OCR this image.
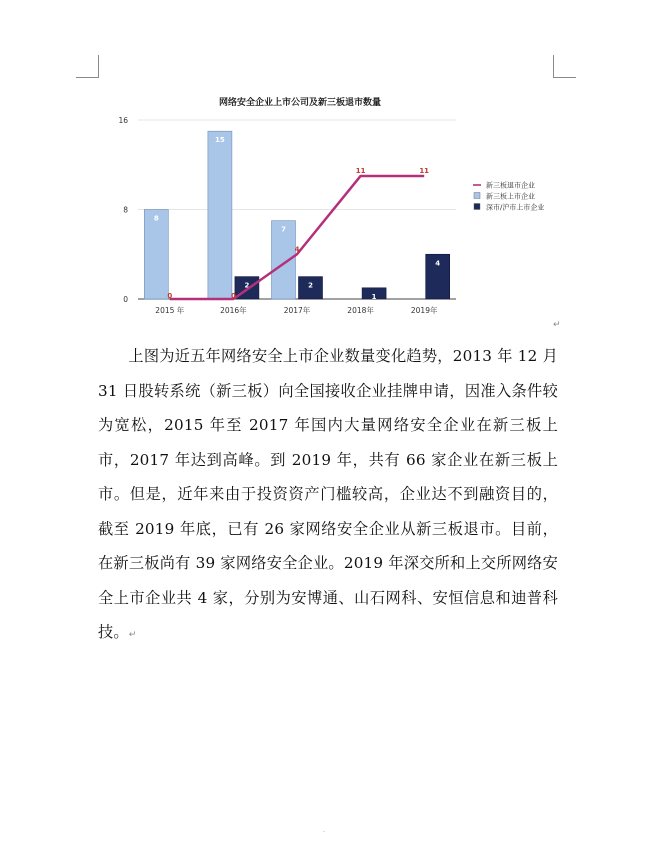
网络安全企业上市公司及新三板退市数量
0
8
16
2015 年	2016年	2017年	2018年	2019年
8
15
7
2	2
1
4
0	0
4
11	11
新三板退市企业
新三板上市企业
深市/沪市上市企业
↵
上图为近五年网络安全上市企业数量变化趋势，2013 年 12 月 31 日股转系统（新三板）向全国接收企业挂牌申请，因准入条件较为宽松，2015 年至 2017 年国内大量网络安全企业在新三板上市，2017 年达到高峰。到 2019 年，共有 66 家企业在新三板上市。但是，近年来由于投资资产门槛较高，企业达不到融资目的，截至 2019 年底，已有 26 家网络安全企业从新三板退市。目前，在新三板尚有 39 家网络安全企业。2019 年深交所和上交所网络安全上市企业共 4 家，分别为安博通、山石网科、安恒信息和迪普科技。↵
·
